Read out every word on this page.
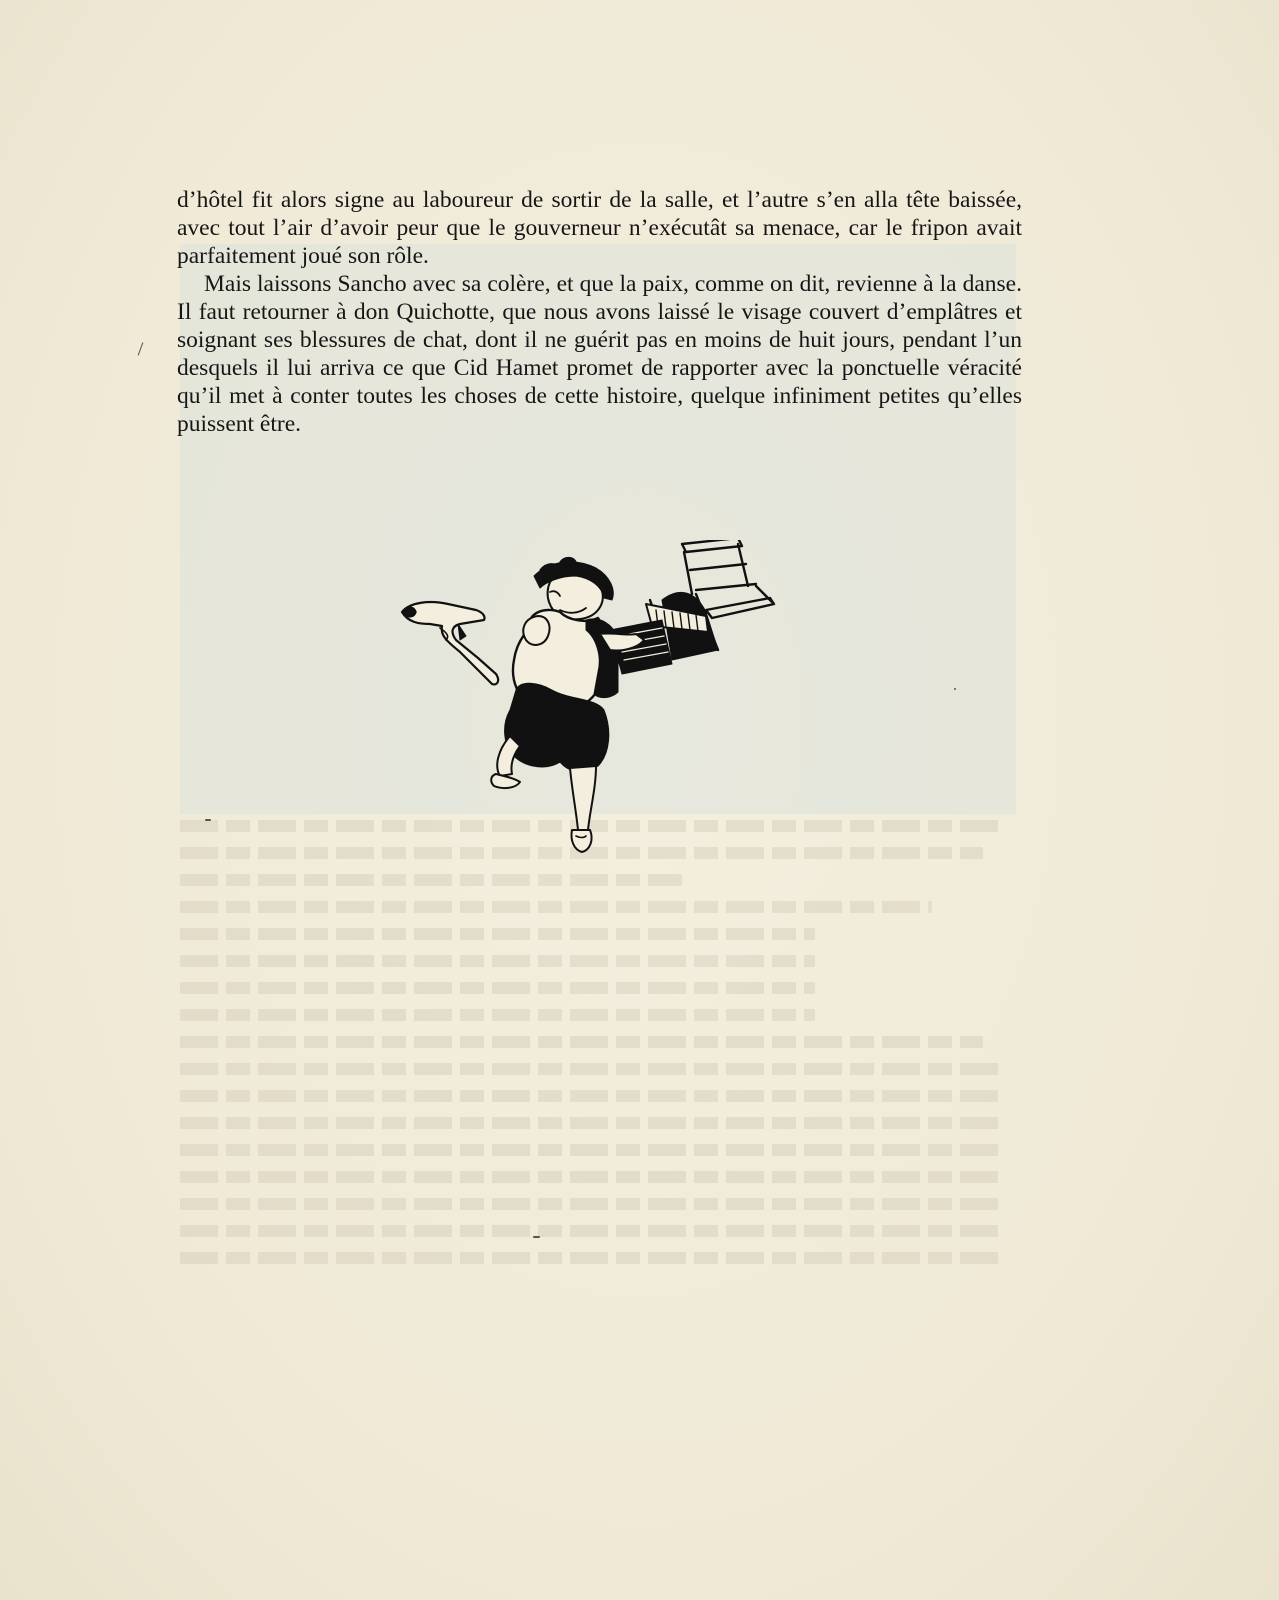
d’hôtel fit alors signe au laboureur de sortir de la salle, et l’autre s’en alla tête baissée, avec tout l’air d’avoir peur que le gouverneur n’exécutât sa menace, car le fripon avait parfaitement joué son rôle.

Mais laissons Sancho avec sa colère, et que la paix, comme on dit, revienne à la danse. Il faut retourner à don Quichotte, que nous avons laissé le visage couvert d’emplâtres et soignant ses blessures de chat, dont il ne guérit pas en moins de huit jours, pendant l’un desquels il lui arriva ce que Cid Hamet promet de rapporter avec la ponctuelle véracité qu’il met à conter toutes les choses de cette histoire, quelque infiniment petites qu’elles puissent être.
